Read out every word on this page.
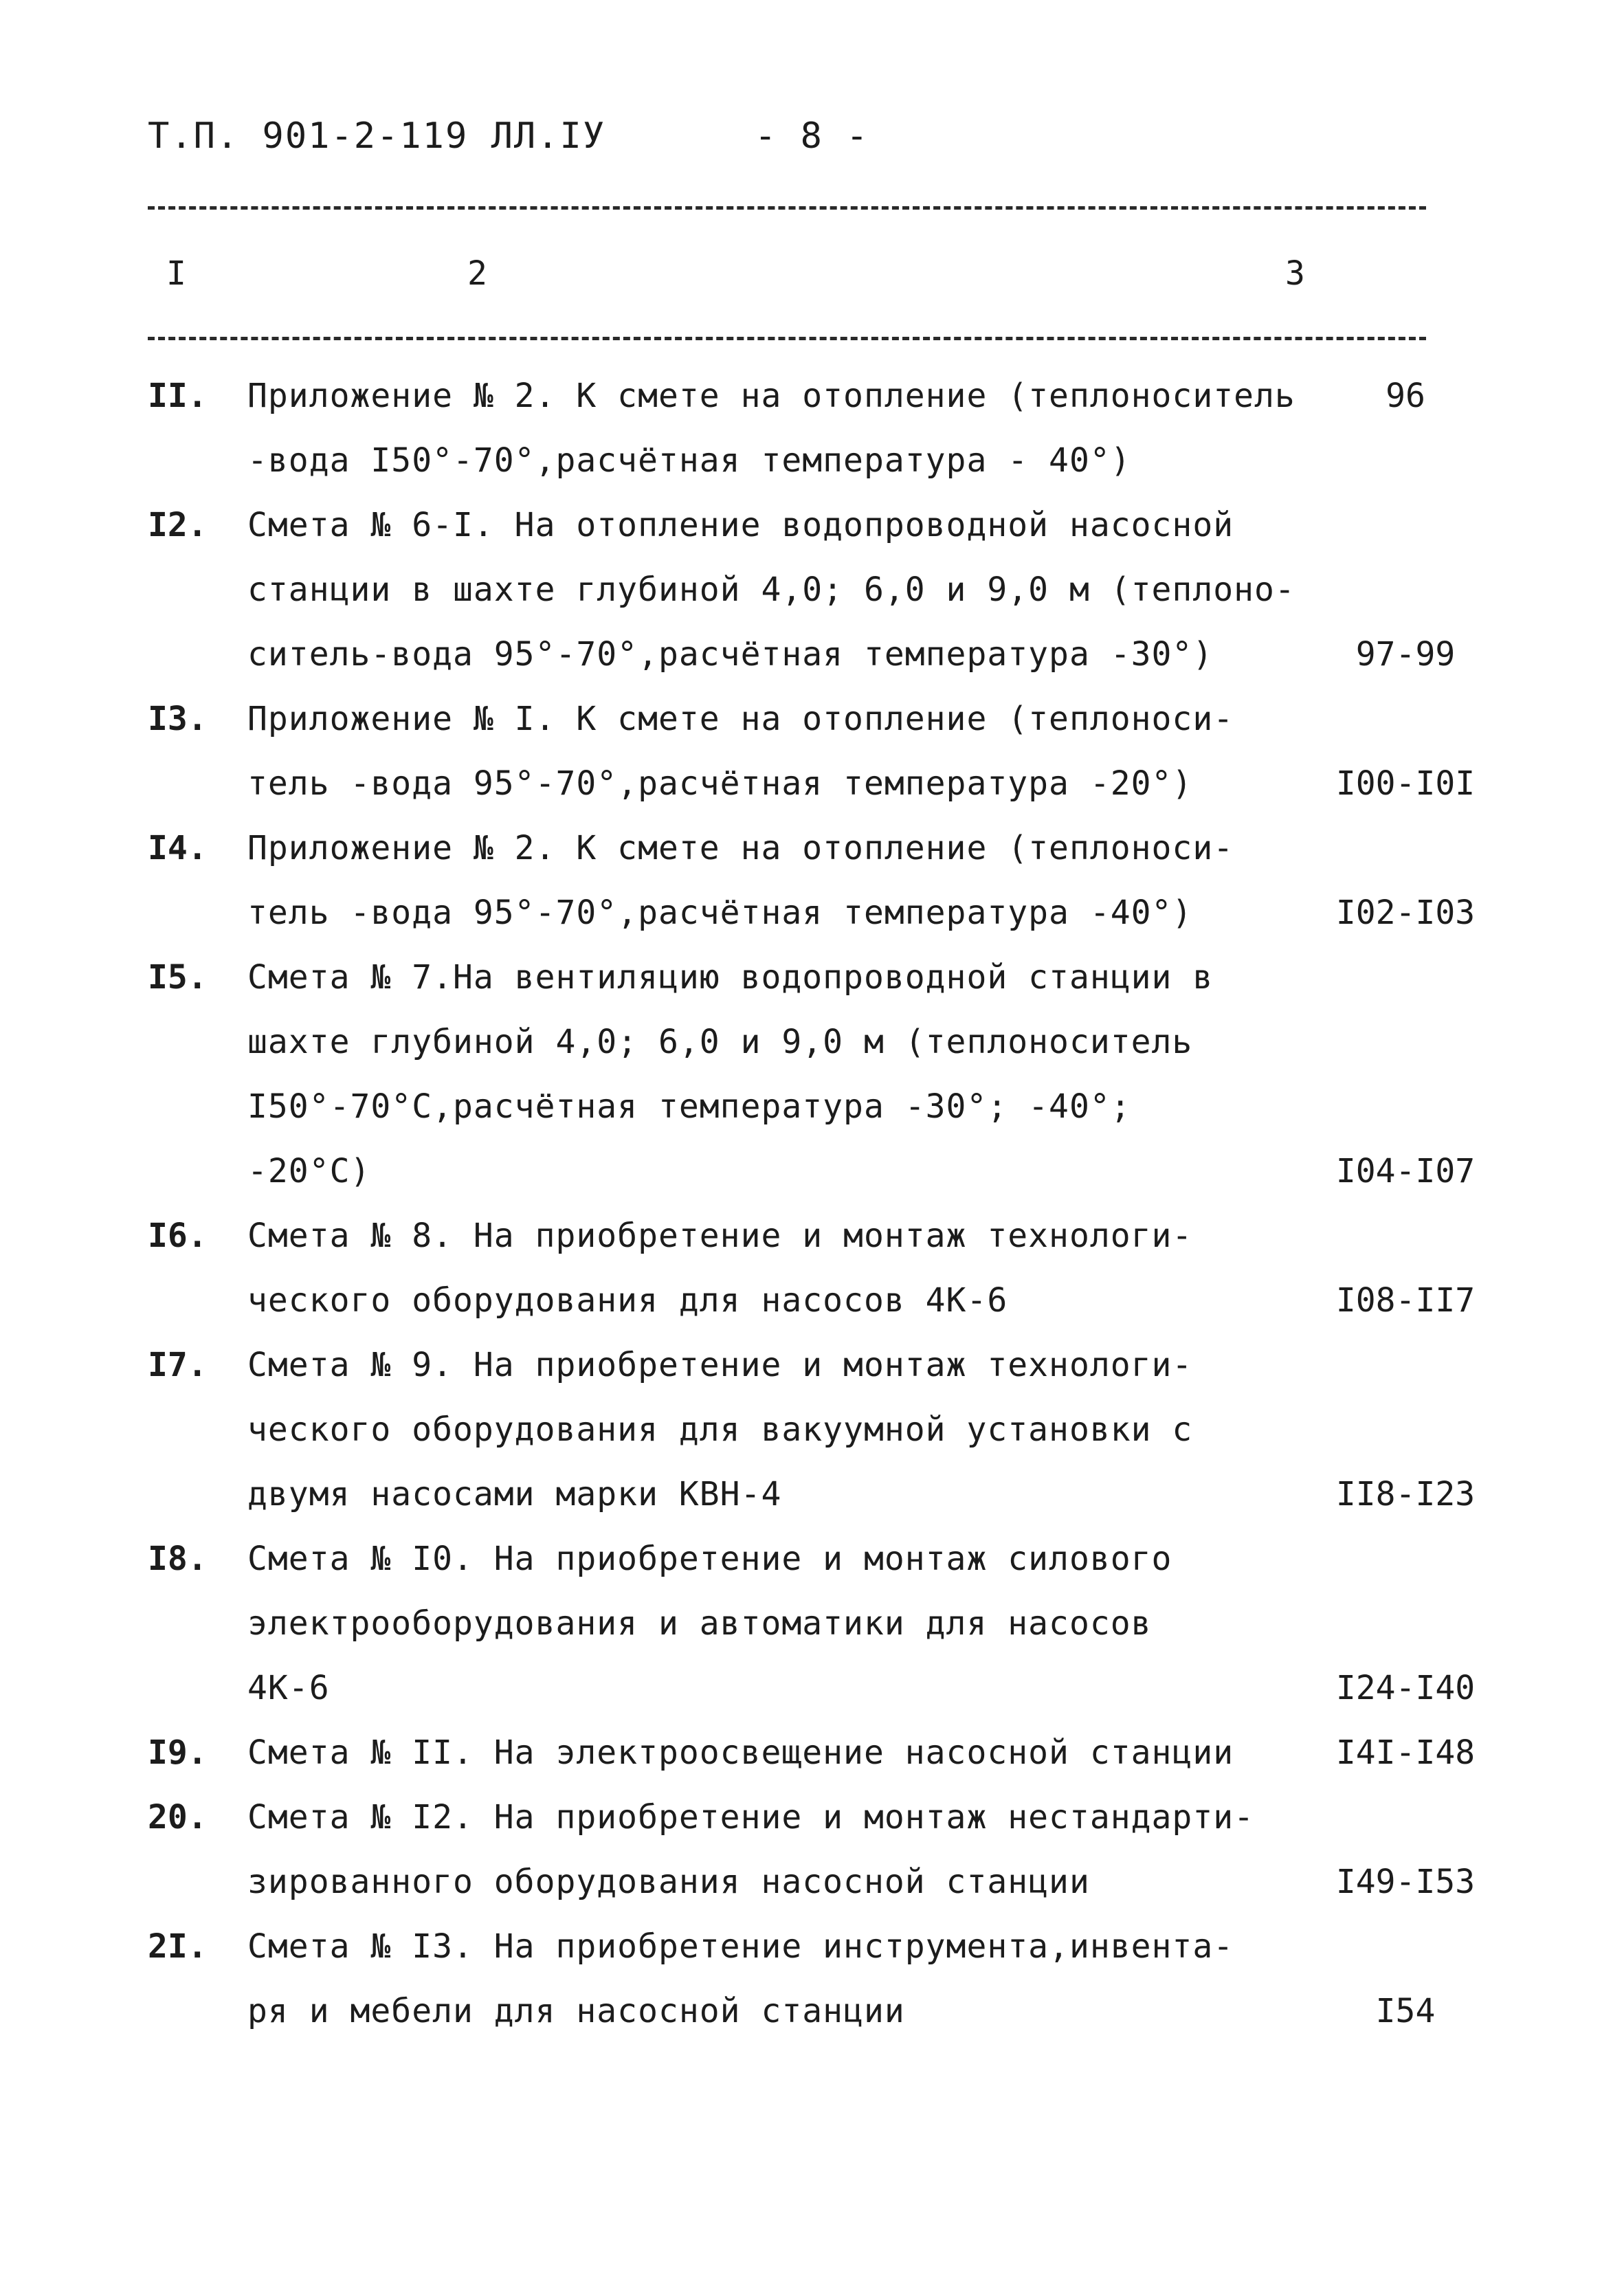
Т.П. 901-2-119 ЛЛ.IУ	- 8 -
I	2	3
II.	Приложение № 2. К смете на отопление (теплоноситель	96
-вода I50°-70°,расчётная температура - 40°)
I2.	Смета № 6-I. На отопление водопроводной насосной
станции в шахте глубиной 4,0; 6,0 и 9,0 м (теплоно-
ситель-вода 95°-70°,расчётная температура -30°)	97-99
I3.	Приложение № I. К смете на отопление (теплоноси-
тель -вода 95°-70°,расчётная температура -20°)	I00-I0I
I4.	Приложение № 2. К смете на отопление (теплоноси-
тель -вода 95°-70°,расчётная температура -40°)	I02-I03
I5.	Смета № 7.На вентиляцию водопроводной станции в
шахте глубиной 4,0; 6,0 и 9,0 м (теплоноситель
I50°-70°С,расчётная температура -30°; -40°;
-20°С)	I04-I07
I6.	Смета № 8. На приобретение и монтаж технологи-
ческого оборудования для насосов 4К-6	I08-II7
I7.	Смета № 9. На приобретение и монтаж технологи-
ческого оборудования для вакуумной установки с
двумя насосами марки КВН-4	II8-I23
I8.	Смета № I0. На приобретение и монтаж силового
электрооборудования и автоматики для насосов
4К-6	I24-I40
I9.	Смета № II. На электроосвещение насосной станции	I4I-I48
20.	Смета № I2. На приобретение и монтаж нестандарти-
зированного оборудования насосной станции	I49-I53
2I.	Смета № I3. На приобретение инструмента,инвента-
ря и мебели для насосной станции	I54
